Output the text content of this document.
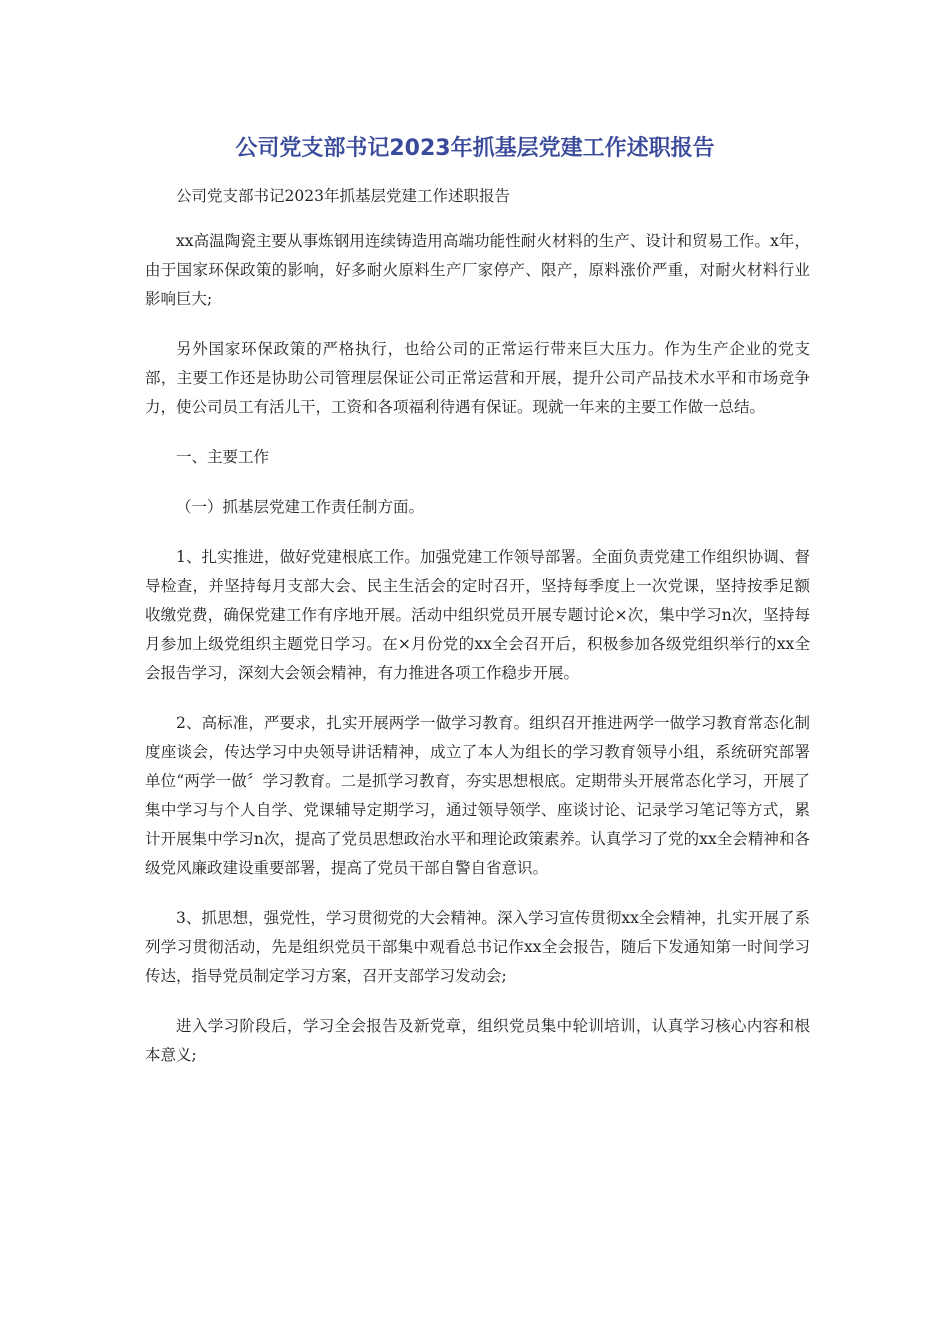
公司党支部书记2023年抓基层党建工作述职报告

公司党支部书记2023年抓基层党建工作述职报告

xx高温陶瓷主要从事炼钢用连续铸造用高端功能性耐火材料的生产、设计和贸易工作。x年，由于国家环保政策的影响，好多耐火原料生产厂家停产、限产，原料涨价严重，对耐火材料行业影响巨大;

另外国家环保政策的严格执行，也给公司的正常运行带来巨大压力。作为生产企业的党支部，主要工作还是协助公司管理层保证公司正常运营和开展，提升公司产品技术水平和市场竞争力，使公司员工有活儿干，工资和各项福利待遇有保证。现就一年来的主要工作做一总结。

一、主要工作

（一）抓基层党建工作责任制方面。

1、扎实推进，做好党建根底工作。加强党建工作领导部署。全面负责党建工作组织协调、督导检查，并坚持每月支部大会、民主生活会的定时召开，坚持每季度上一次党课，坚持按季足额收缴党费，确保党建工作有序地开展。活动中组织党员开展专题讨论×次，集中学习n次，坚持每月参加上级党组织主题党日学习。在×月份党的xx全会召开后，积极参加各级党组织举行的xx全会报告学习，深刻大会领会精神，有力推进各项工作稳步开展。

2、高标准，严要求，扎实开展两学一做学习教育。组织召开推进两学一做学习教育常态化制度座谈会，传达学习中央领导讲话精神，成立了本人为组长的学习教育领导小组，系统研究部署单位“两学一做〞学习教育。二是抓学习教育，夯实思想根底。定期带头开展常态化学习，开展了集中学习与个人自学、党课辅导定期学习，通过领导领学、座谈讨论、记录学习笔记等方式，累计开展集中学习n次，提高了党员思想政治水平和理论政策素养。认真学习了党的xx全会精神和各级党风廉政建设重要部署，提高了党员干部自警自省意识。

3、抓思想，强党性，学习贯彻党的大会精神。深入学习宣传贯彻xx全会精神，扎实开展了系列学习贯彻活动，先是组织党员干部集中观看总书记作xx全会报告，随后下发通知第一时间学习传达，指导党员制定学习方案，召开支部学习发动会;

进入学习阶段后，学习全会报告及新党章，组织党员集中轮训培训，认真学习核心内容和根本意义;
